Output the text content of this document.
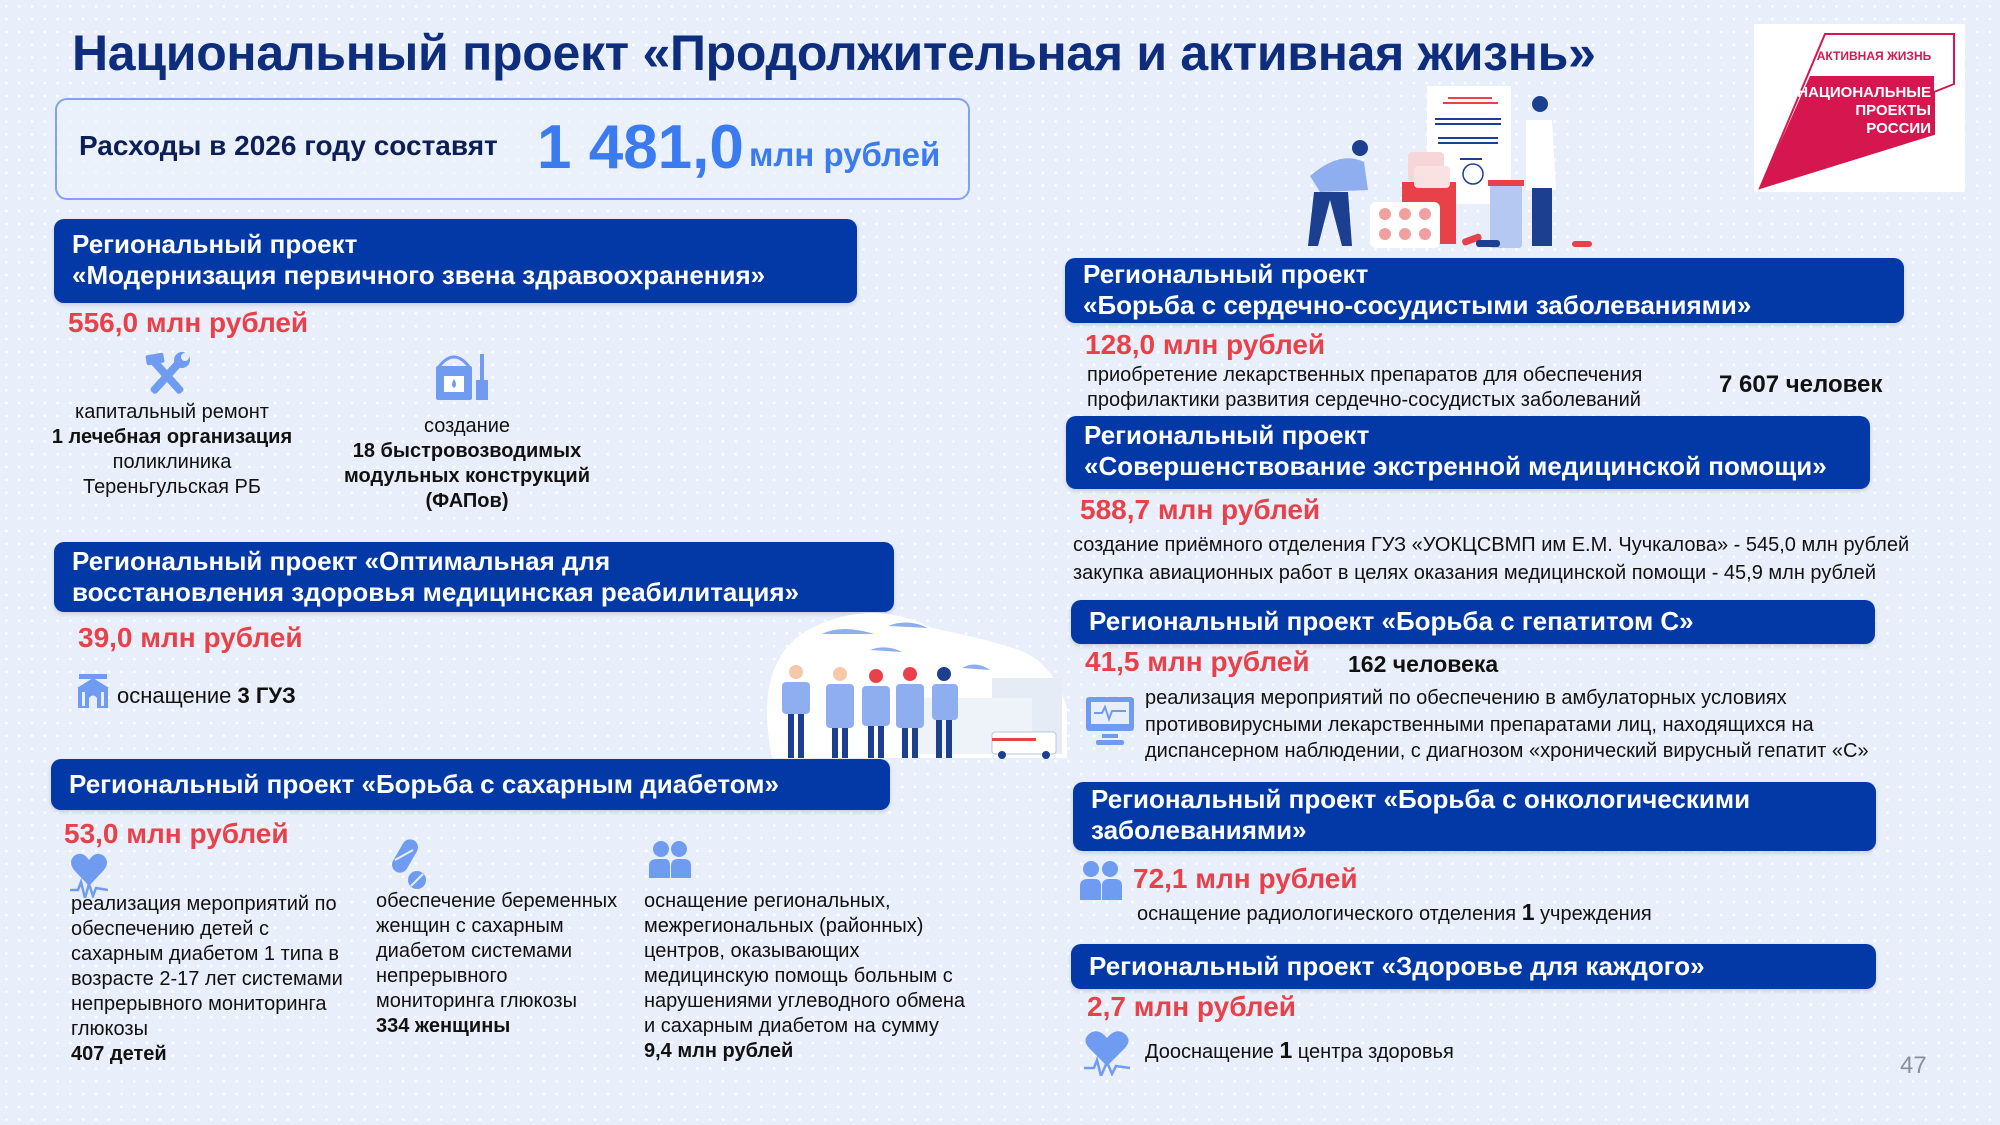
Национальный проект «Продолжительная и активная жизнь»	АКТИВНАЯ ЖИЗНЬ
НАЦИОНАЛЬНЫЕ
ПРОЕКТЫ
РОССИИ
Расходы в 2026 году составят 1 481,0 млн рублей
Региональный проект
«Модернизация первичного звена здравоохранения»
556,0 млн рублей
капитальный ремонт
1 лечебная организация
поликлиника
Тереньгульская РБ
создание
18 быстровозводимых
модульных конструкций
(ФАПов)
Региональный проект «Оптимальная для
восстановления здоровья медицинская реабилитация»
39,0 млн рублей
оснащение 3 ГУЗ
Региональный проект «Борьба с сахарным диабетом»
53,0 млн рублей
реализация мероприятий по
обеспечению детей с
сахарным диабетом 1 типа в
возрасте 2-17 лет системами
непрерывного мониторинга
глюкозы
407 детей
обеспечение беременных
женщин с сахарным
диабетом системами
непрерывного
мониторинга глюкозы
334 женщины
оснащение региональных,
межрегиональных (районных)
центров, оказывающих
медицинскую помощь больным с
нарушениями углеводного обмена
и сахарным диабетом на сумму
9,4 млн рублей
Региональный проект
«Борьба с сердечно-сосудистыми заболеваниями»
128,0 млн рублей
приобретение лекарственных препаратов для обеспечения
профилактики развития сердечно-сосудистых заболеваний
7 607 человек
Региональный проект
«Совершенствование экстренной медицинской помощи»
588,7 млн рублей
создание приёмного отделения ГУЗ «УОКЦСВМП им Е.М. Чучкалова» - 545,0 млн рублей
закупка авиационных работ в целях оказания медицинской помощи - 45,9 млн рублей
Региональный проект «Борьба с гепатитом С»
41,5 млн рублей 162 человека
реализация мероприятий по обеспечению в амбулаторных условиях
противовирусными лекарственными препаратами лиц, находящихся на
диспансерном наблюдении, с диагнозом «хронический вирусный гепатит «С»
Региональный проект «Борьба с онкологическими
заболеваниями»
72,1 млн рублей
оснащение радиологического отделения 1 учреждения
Региональный проект «Здоровье для каждого»
2,7 млн рублей
Дооснащение 1 центра здоровья	47
